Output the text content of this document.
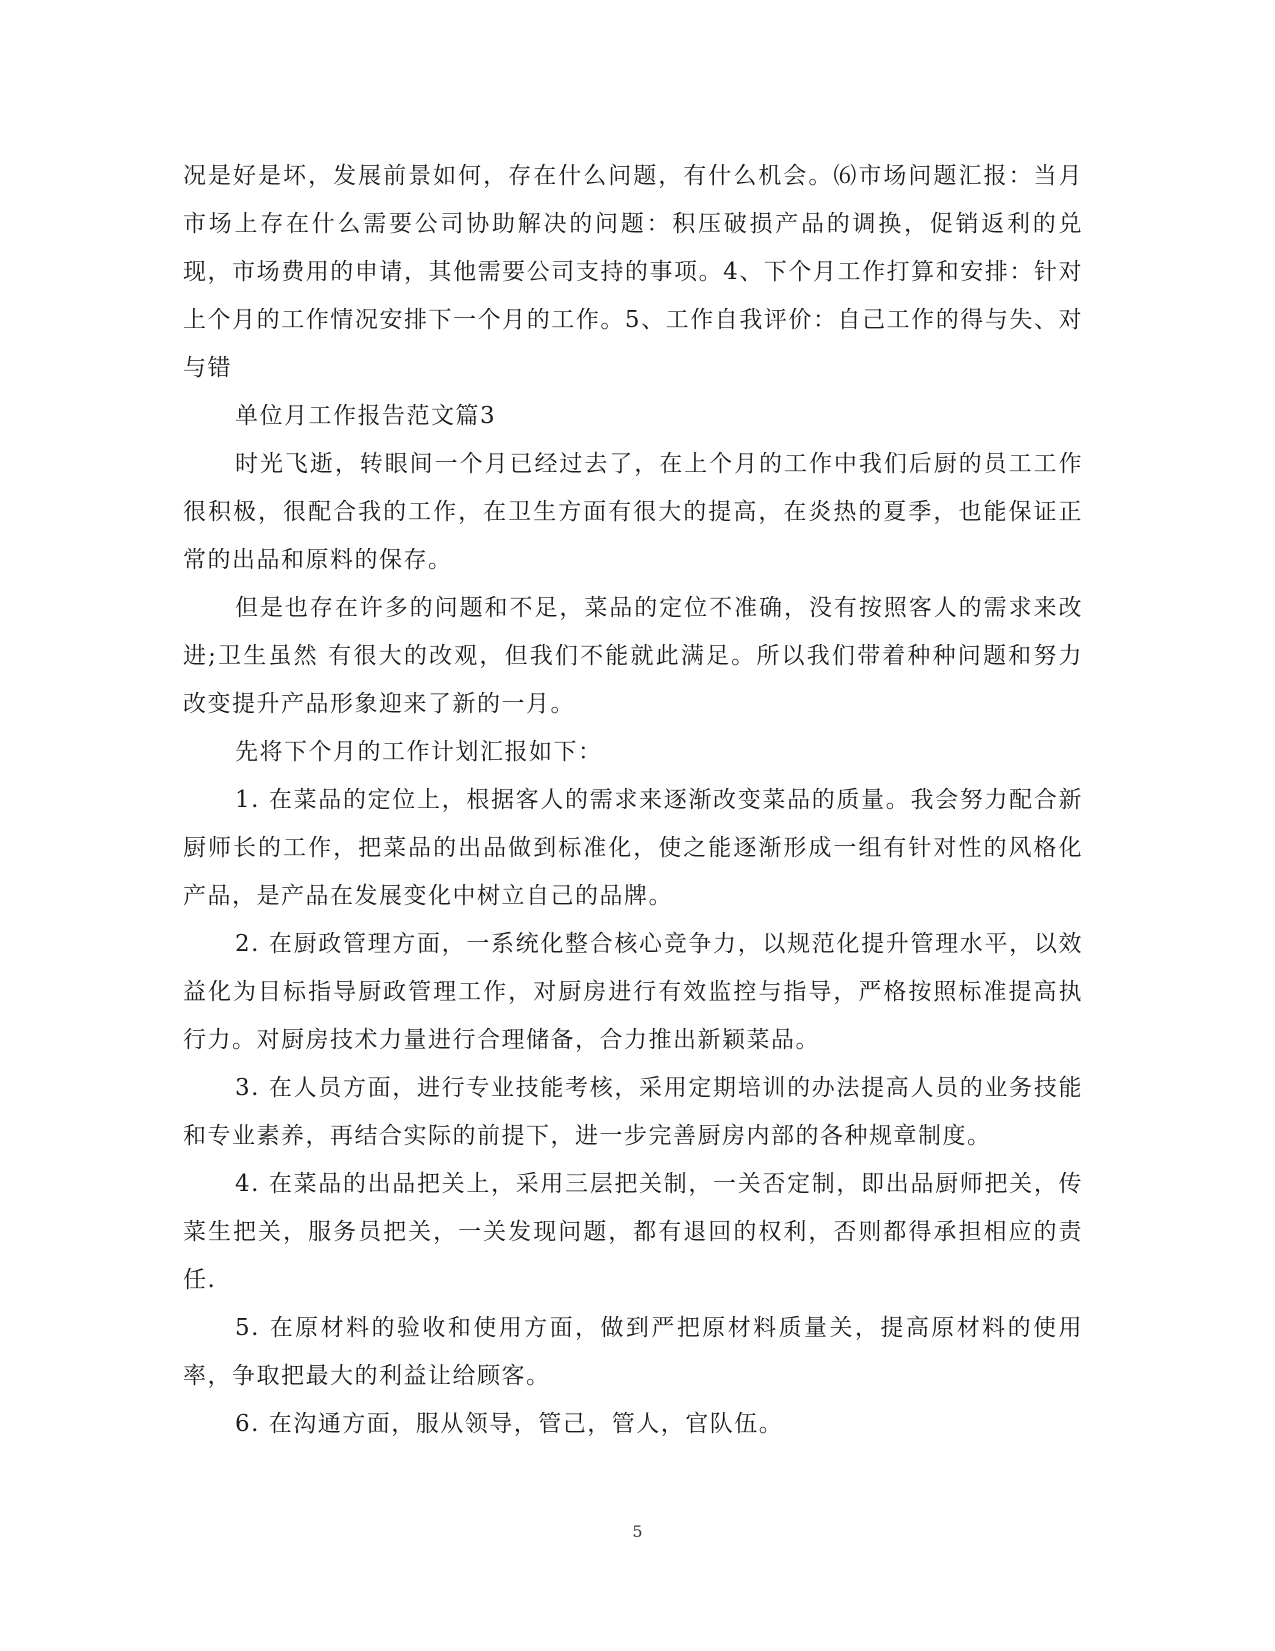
况是好是坏，发展前景如何，存在什么问题，有什么机会。⑹市场问题汇报：当月市场上存在什么需要公司协助解决的问题：积压破损产品的调换，促销返利的兑现，市场费用的申请，其他需要公司支持的事项。4、下个月工作打算和安排：针对上个月的工作情况安排下一个月的工作。5、工作自我评价：自己工作的得与失、对与错

单位月工作报告范文篇3

时光飞逝，转眼间一个月已经过去了，在上个月的工作中我们后厨的员工工作很积极，很配合我的工作，在卫生方面有很大的提高，在炎热的夏季，也能保证正常的出品和原料的保存。

但是也存在许多的问题和不足，菜品的定位不准确，没有按照客人的需求来改进;卫生虽然 有很大的改观，但我们不能就此满足。所以我们带着种种问题和努力改变提升产品形象迎来了新的一月。

先将下个月的工作计划汇报如下：

1. 在菜品的定位上，根据客人的需求来逐渐改变菜品的质量。我会努力配合新厨师长的工作，把菜品的出品做到标准化，使之能逐渐形成一组有针对性的风格化产品，是产品在发展变化中树立自己的品牌。

2. 在厨政管理方面，一系统化整合核心竞争力，以规范化提升管理水平，以效益化为目标指导厨政管理工作，对厨房进行有效监控与指导，严格按照标准提高执行力。对厨房技术力量进行合理储备，合力推出新颖菜品。

3. 在人员方面，进行专业技能考核，采用定期培训的办法提高人员的业务技能和专业素养，再结合实际的前提下，进一步完善厨房内部的各种规章制度。

4. 在菜品的出品把关上，采用三层把关制，一关否定制，即出品厨师把关，传菜生把关，服务员把关，一关发现问题，都有退回的权利，否则都得承担相应的责任.

5. 在原材料的验收和使用方面，做到严把原材料质量关，提高原材料的使用率，争取把最大的利益让给顾客。

6. 在沟通方面，服从领导，管己，管人，官队伍。

5
